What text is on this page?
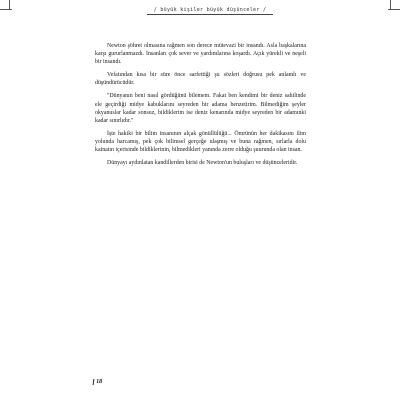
/ büyük kişiler büyük düşünceler /

Newton şöhret olmasına rağmen son derece mütevazi bir insandı. Asla başkalarına karşı gururlanmazdı. İnsanları çok sever ve yardımlarına koşardı. Açık yürekli ve neşeli bir insandı.

Vefatından kısa bir süre önce sarfettiği şu sözleri doğrusu pek anlamlı ve düşündürücüdür.

"Dünyanın beni nasıl gördüğünü bilemem. Fakat ben kendimi bir deniz sahilinde ele geçirdiği midye kabuklarını seyreden bir adama benzetirim. Bilmediğim şeyler okyanuslar kadar sonsuz, bildiklerim ise deniz kenarında midye seyreden bir adamınki kadar sınırlıdır."

İşte hakiki bir bilim insanının alçak gönüllülüğü... Ömrünün her dakikasını ilim yolunda harcamış, pek çok bilimsel gerçeğe ulaşmış ve buna rağmen, sırlarla dolu kainatın içerisinde bildiklerinin, bilmedikleri yanında zerre olduğu şuurunda olan insan.

Dünyayı aydınlatan kandillerden birisi de Newton'un buluşları ve düşünceleridir.

18
